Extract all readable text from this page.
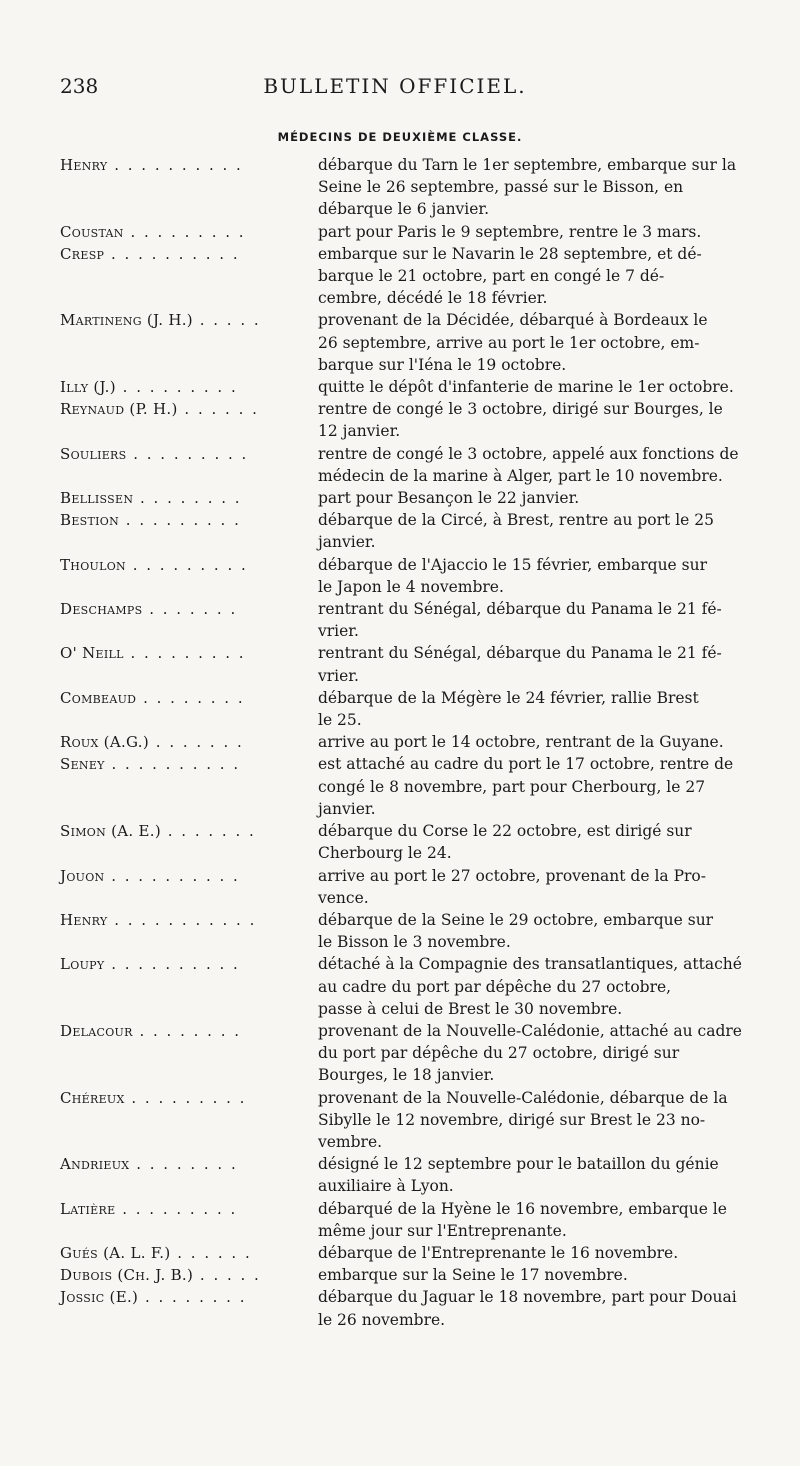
238	BULLETIN OFFICIEL.
MÉDECINS DE DEUXIÈME CLASSE.
Henry . . . . . . . . . .	débarque du Tarn le 1er septembre, embarque sur la
Seine le 26 septembre, passé sur le Bisson, en
débarque le 6 janvier.
Coustan . . . . . . . . .	part pour Paris le 9 septembre, rentre le 3 mars.
Cresp . . . . . . . . . .	embarque sur le Navarin le 28 septembre, et dé-
barque le 21 octobre, part en congé le 7 dé-
cembre, décédé le 18 février.
Martineng (J. H.) . . . . .	provenant de la Décidée, débarqué à Bordeaux le
26 septembre, arrive au port le 1er octobre, em-
barque sur l'Iéna le 19 octobre.
Illy (J.) . . . . . . . . .	quitte le dépôt d'infanterie de marine le 1er octobre.
Reynaud (P. H.) . . . . . .	rentre de congé le 3 octobre, dirigé sur Bourges, le
12 janvier.
Souliers . . . . . . . . .	rentre de congé le 3 octobre, appelé aux fonctions de
médecin de la marine à Alger, part le 10 novembre.
Bellissen . . . . . . . .	part pour Besançon le 22 janvier.
Bestion . . . . . . . . .	débarque de la Circé, à Brest, rentre au port le 25
janvier.
Thoulon . . . . . . . . .	débarque de l'Ajaccio le 15 février, embarque sur
le Japon le 4 novembre.
Deschamps . . . . . . .	rentrant du Sénégal, débarque du Panama le 21 fé-
vrier.
O' Neill . . . . . . . . .	rentrant du Sénégal, débarque du Panama le 21 fé-
vrier.
Combeaud . . . . . . . .	débarque de la Mégère le 24 février, rallie Brest
le 25.
Roux (A.G.) . . . . . . .	arrive au port le 14 octobre, rentrant de la Guyane.
Seney . . . . . . . . . .	est attaché au cadre du port le 17 octobre, rentre de
congé le 8 novembre, part pour Cherbourg, le 27
janvier.
Simon (A. E.) . . . . . . .	débarque du Corse le 22 octobre, est dirigé sur
Cherbourg le 24.
Jouon . . . . . . . . . .	arrive au port le 27 octobre, provenant de la Pro-
vence.
Henry . . . . . . . . . . .	débarque de la Seine le 29 octobre, embarque sur
le Bisson le 3 novembre.
Loupy . . . . . . . . . .	détaché à la Compagnie des transatlantiques, attaché
au cadre du port par dépêche du 27 octobre,
passe à celui de Brest le 30 novembre.
Delacour . . . . . . . .	provenant de la Nouvelle-Calédonie, attaché au cadre
du port par dépêche du 27 octobre, dirigé sur
Bourges, le 18 janvier.
Chéreux . . . . . . . . .	provenant de la Nouvelle-Calédonie, débarque de la
Sibylle le 12 novembre, dirigé sur Brest le 23 no-
vembre.
Andrieux . . . . . . . .	désigné le 12 septembre pour le bataillon du génie
auxiliaire à Lyon.
Latière . . . . . . . . .	débarqué de la Hyène le 16 novembre, embarque le
même jour sur l'Entreprenante.
Gués (A. L. F.) . . . . . .	débarque de l'Entreprenante le 16 novembre.
Dubois (Ch. J. B.) . . . . .	embarque sur la Seine le 17 novembre.
Jossic (E.) . . . . . . . .	débarque du Jaguar le 18 novembre, part pour Douai
le 26 novembre.
